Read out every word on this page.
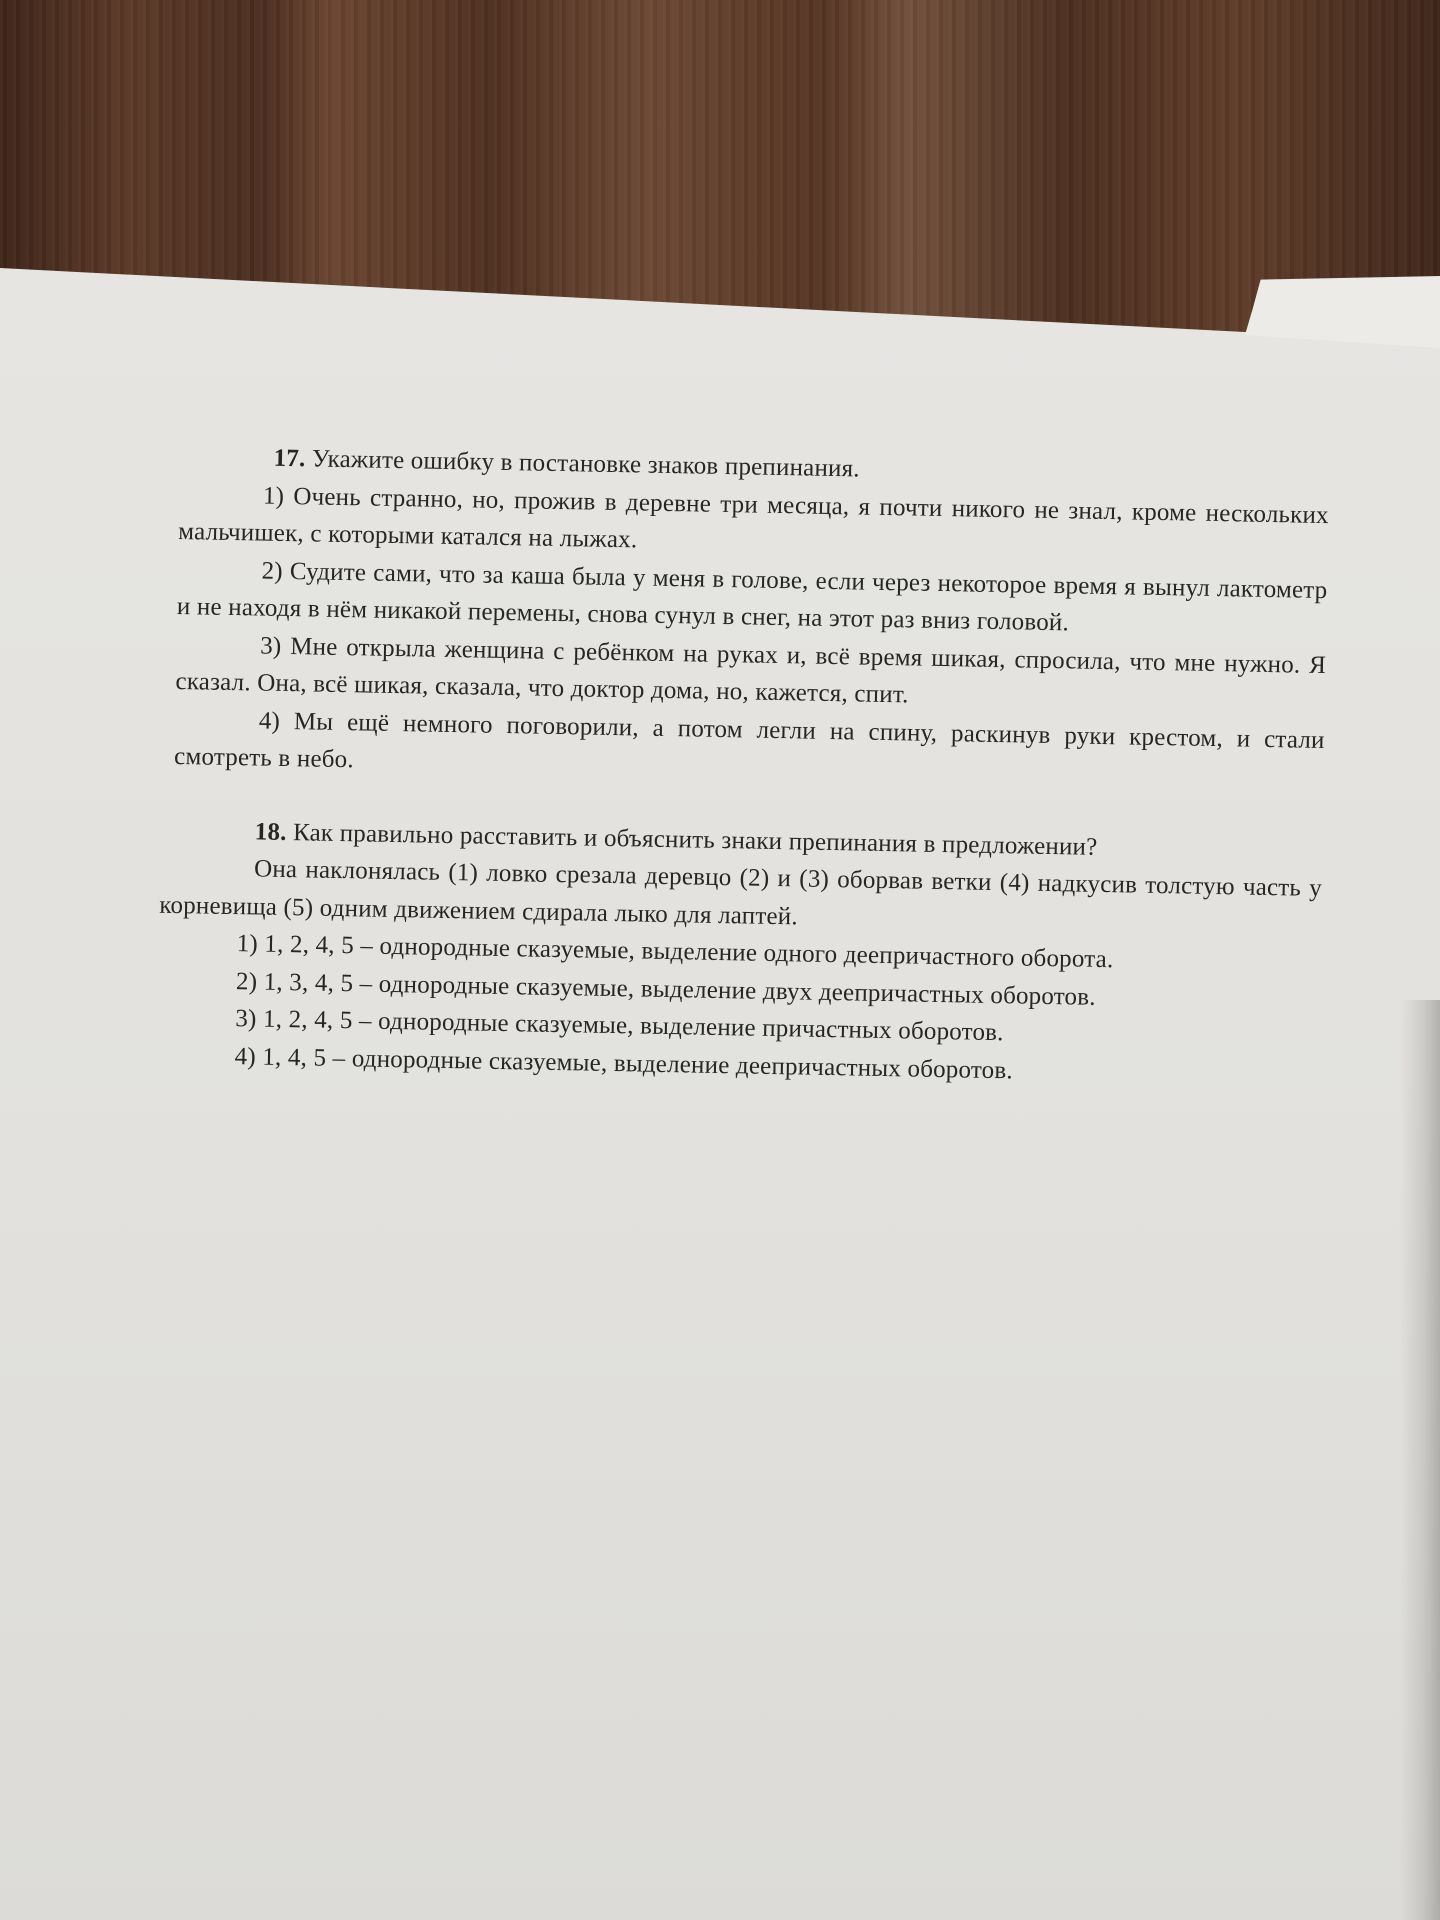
17. Укажите ошибку в постановке знаков препинания.

1) Очень странно, но, прожив в деревне три месяца, я почти никого не знал, кроме нескольких мальчишек, с которыми катался на лыжах.

2) Судите сами, что за каша была у меня в голове, если через некоторое время я вынул лактометр и не находя в нём никакой перемены, снова сунул в снег, на этот раз вниз головой.

3) Мне открыла женщина с ребёнком на руках и, всё время шикая, спросила, что мне нужно. Я сказал. Она, всё шикая, сказала, что доктор дома, но, кажется, спит.

4) Мы ещё немного поговорили, а потом легли на спину, раскинув руки крестом, и стали смотреть в небо.

18. Как правильно расставить и объяснить знаки препинания в предложении?

Она наклонялась (1) ловко срезала деревцо (2) и (3) оборвав ветки (4) надкусив толстую часть у корневища (5) одним движением сдирала лыко для лаптей.

1) 1, 2, 4, 5 – однородные сказуемые, выделение одного деепричастного оборота.

2) 1, 3, 4, 5 – однородные сказуемые, выделение двух деепричастных оборотов.

3) 1, 2, 4, 5 – однородные сказуемые, выделение причастных оборотов.

4) 1, 4, 5 – однородные сказуемые, выделение деепричастных оборотов.
